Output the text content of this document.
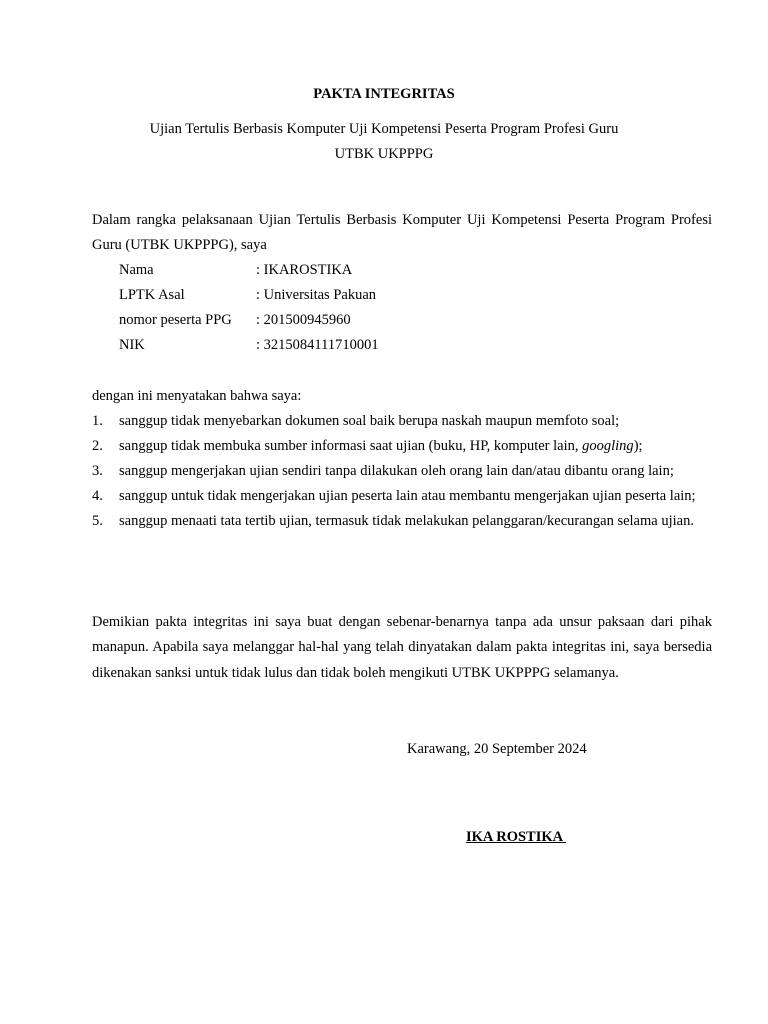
PAKTA INTEGRITAS
Ujian Tertulis Berbasis Komputer Uji Kompetensi Peserta Program Profesi Guru
UTBK UKPPPG
Dalam rangka pelaksanaan Ujian Tertulis Berbasis Komputer Uji Kompetensi Peserta Program Profesi Guru (UTBK UKPPPG), saya
Nama	: IKAROSTIKA
LPTK Asal	: Universitas Pakuan
nomor peserta PPG	: 201500945960
NIK	: 3215084111710001
dengan ini menyatakan bahwa saya:
1. sanggup tidak menyebarkan dokumen soal baik berupa naskah maupun memfoto soal;
2. sanggup tidak membuka sumber informasi saat ujian (buku, HP, komputer lain, googling);
3. sanggup mengerjakan ujian sendiri tanpa dilakukan oleh orang lain dan/atau dibantu orang lain;
4. sanggup untuk tidak mengerjakan ujian peserta lain atau membantu mengerjakan ujian peserta lain;
5. sanggup menaati tata tertib ujian, termasuk tidak melakukan pelanggaran/kecurangan selama ujian.
Demikian pakta integritas ini saya buat dengan sebenar-benarnya tanpa ada unsur paksaan dari pihak manapun. Apabila saya melanggar hal-hal yang telah dinyatakan dalam pakta integritas ini, saya bersedia dikenakan sanksi untuk tidak lulus dan tidak boleh mengikuti UTBK UKPPPG selamanya.
Karawang, 20 September 2024
IKA ROSTIKA
